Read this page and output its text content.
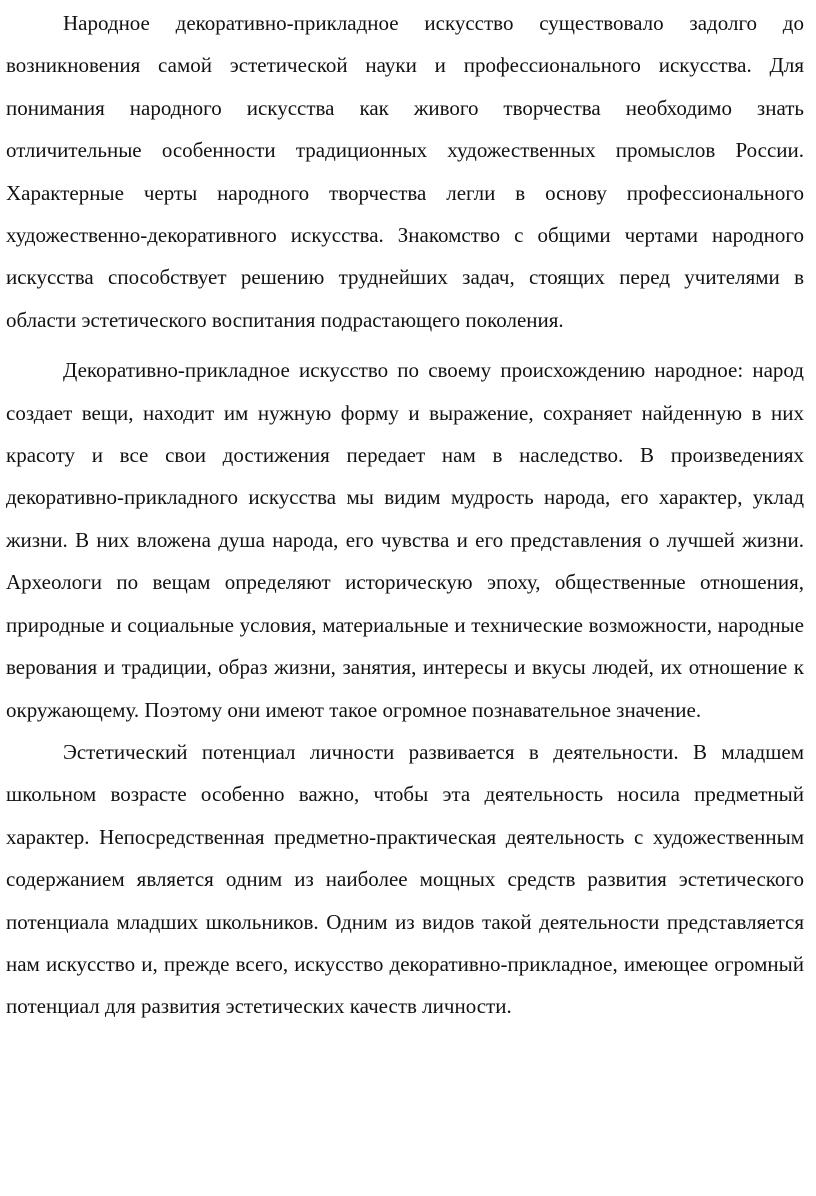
Народное декоративно-прикладное искусство существовало задолго до возникновения самой эстетической науки и профессионального искусства. Для понимания народного искусства как живого творчества необходимо знать отличительные особенности традиционных художественных промыслов России. Характерные черты народного творчества легли в основу профессионального художественно-декоративного искусства. Знакомство с общими чертами народного искусства способствует решению труднейших задач, стоящих перед учителями в области эстетического воспитания подрастающего поколения.

Декоративно-прикладное искусство по своему происхождению народное: народ создает вещи, находит им нужную форму и выражение, сохраняет найденную в них красоту и все свои достижения передает нам в наследство. В произведениях декоративно-прикладного искусства мы видим мудрость народа, его характер, уклад жизни. В них вложена душа народа, его чувства и его представления о лучшей жизни. Археологи по вещам определяют историческую эпоху, общественные отношения, природные и социальные условия, материальные и технические возможности, народные верования и традиции, образ жизни, занятия, интересы и вкусы людей, их отношение к окружающему. Поэтому они имеют такое огромное познавательное значение.

Эстетический потенциал личности развивается в деятельности. В младшем школьном возрасте особенно важно, чтобы эта деятельность носила предметный характер. Непосредственная предметно-практическая деятельность с художественным содержанием является одним из наиболее мощных средств развития эстетического потенциала младших школьников. Одним из видов такой деятельности представляется нам искусство и, прежде всего, искусство декоративно-прикладное, имеющее огромный потенциал для развития эстетических качеств личности.
